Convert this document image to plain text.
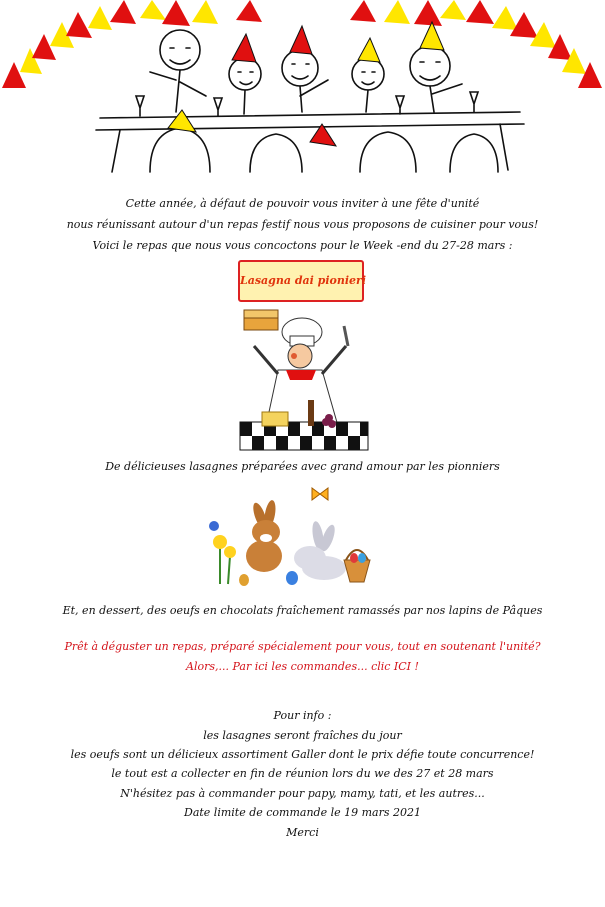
Cette année, à défaut de pouvoir vous inviter à une fête d'unité
nous réunissant autour d'un repas festif nous vous proposons de cuisiner pour vous!
Voici le repas que nous vous concoctons pour le Week -end du 27-28 mars :
Lasagna dai pionieri
De délicieuses lasagnes préparées avec grand amour par les pionniers
Et, en dessert, des oeufs en chocolats fraîchement ramassés par nos lapins de Pâques
Prêt à déguster un repas, préparé spécialement pour vous, tout en soutenant l'unité?
Alors,... Par ici les commandes... clic ICI !
Pour info :
les lasagnes seront fraîches du jour
les oeufs sont un délicieux assortiment Galler dont le prix défie toute concurrence!
le tout est a collecter en fin de réunion lors du we des 27 et 28 mars
N'hésitez pas à commander pour papy, mamy, tati, et les autres...
Date limite de commande le 19 mars 2021
Merci
